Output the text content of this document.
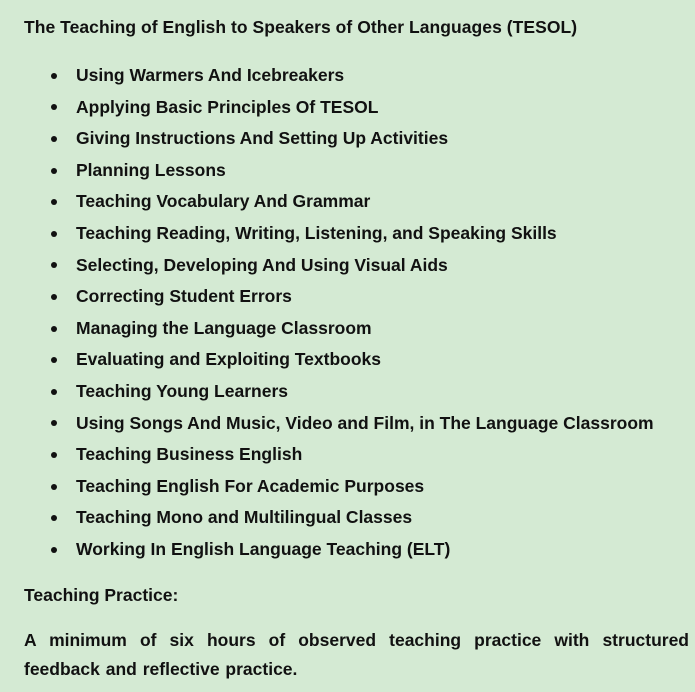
The Teaching of English to Speakers of Other Languages (TESOL)
Using Warmers And Icebreakers
Applying Basic Principles Of TESOL
Giving Instructions And Setting Up Activities
Planning Lessons
Teaching Vocabulary And Grammar
Teaching Reading, Writing, Listening, and Speaking Skills
Selecting, Developing And Using Visual Aids
Correcting Student Errors
Managing the Language Classroom
Evaluating and Exploiting Textbooks
Teaching Young Learners
Using Songs And Music, Video and Film, in The Language Classroom
Teaching Business English
Teaching English For Academic Purposes
Teaching Mono and Multilingual Classes
Working In English Language Teaching (ELT)

Teaching Practice:

A minimum of six hours of observed teaching practice with structured feedback and reflective practice.
